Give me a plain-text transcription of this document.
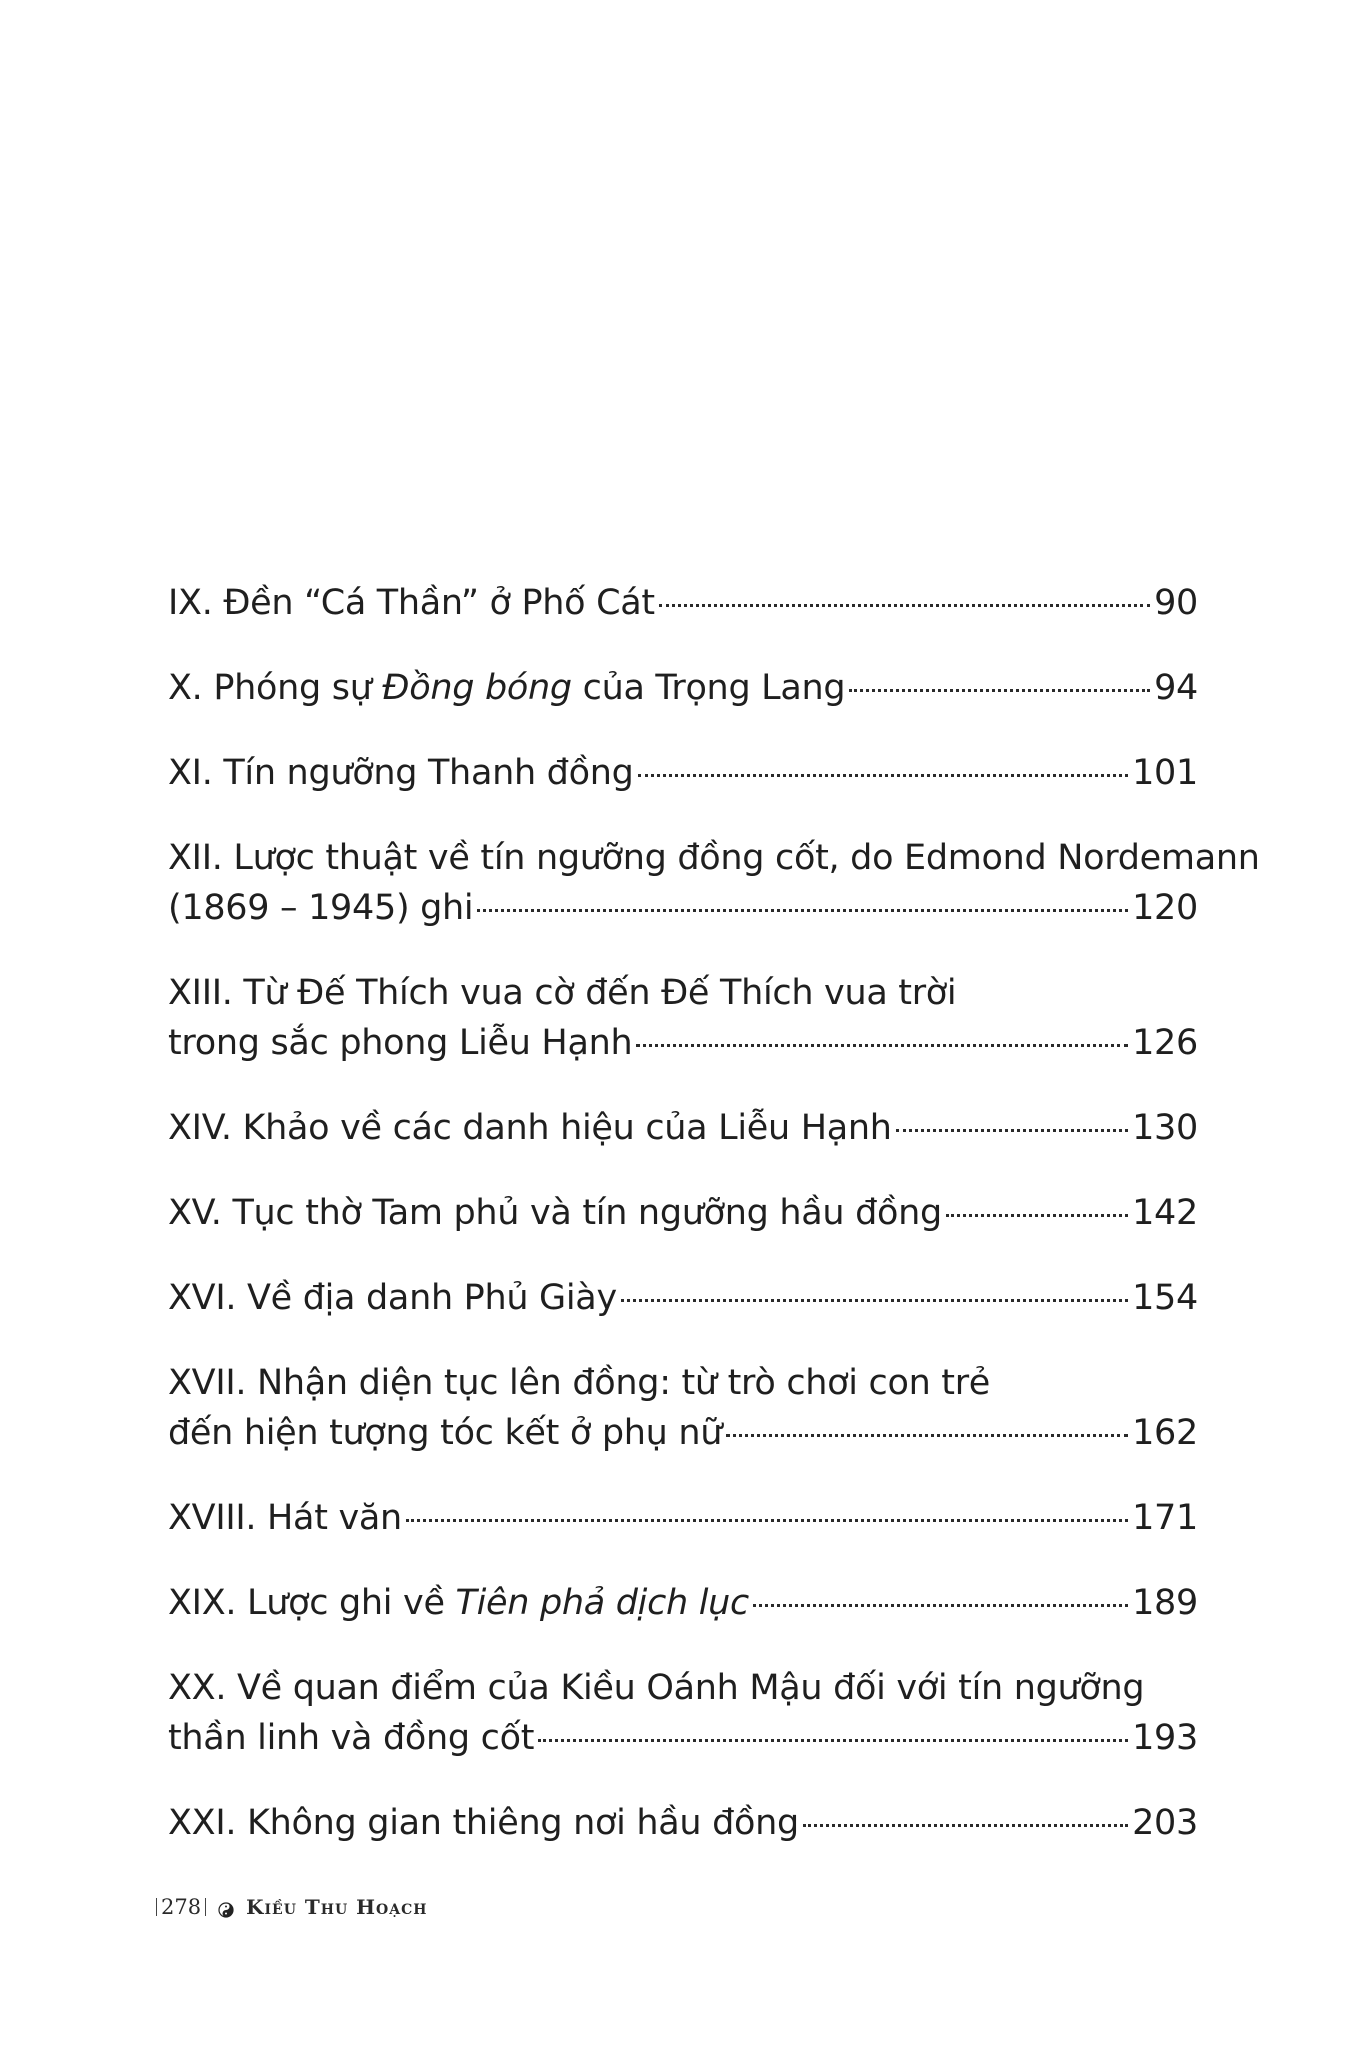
IX. Đền “Cá Thần” ở Phố Cát	90
X. Phóng sự Đồng bóng của Trọng Lang	94
XI. Tín ngưỡng Thanh đồng	101
XII. Lược thuật về tín ngưỡng đồng cốt, do Edmond Nordemann
(1869 – 1945) ghi	120
XIII. Từ Đế Thích vua cờ đến Đế Thích vua trời
trong sắc phong Liễu Hạnh	126
XIV. Khảo về các danh hiệu của Liễu Hạnh	130
XV. Tục thờ Tam phủ và tín ngưỡng hầu đồng	142
XVI. Về địa danh Phủ Giày	154
XVII. Nhận diện tục lên đồng: từ trò chơi con trẻ
đến hiện tượng tóc kết ở phụ nữ	162
XVIII. Hát văn	171
XIX. Lược ghi về Tiên phả dịch lục	189
XX. Về quan điểm của Kiều Oánh Mậu đối với tín ngưỡng
thần linh và đồng cốt	193
XXI. Không gian thiêng nơi hầu đồng	203
278 Kiều Thu Hoạch
